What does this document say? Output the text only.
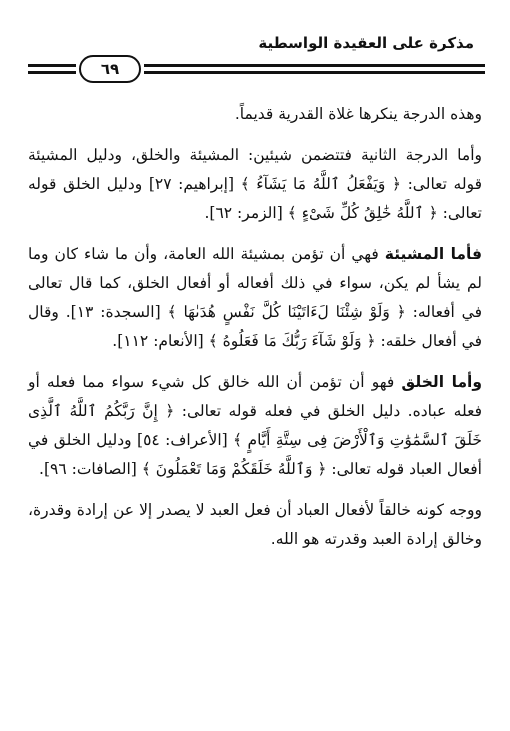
مذكرة على العقيدة الواسطية
٦٩

وهذه الدرجة ينكرها غلاة القدرية قديماً.

وأما الدرجة الثانية فتتضمن شيئين: المشيئة والخلق، ودليل المشيئة قوله تعالى: ﴿ وَيَفْعَلُ ٱللَّهُ مَا يَشَآءُ ﴾ [إبراهيم: ٢٧] ودليل الخلق قوله تعالى: ﴿ ٱللَّهُ خَٰلِقُ كُلِّ شَىْءٍ ﴾ [الزمر: ٦٢].

فأما المشيئة فهي أن تؤمن بمشيئة الله العامة، وأن ما شاء كان وما لم يشأ لم يكن، سواء في ذلك أفعاله أو أفعال الخلق، كما قال تعالى في أفعاله: ﴿ وَلَوْ شِئْنَا لَءَاتَيْنَا كُلَّ نَفْسٍ هُدَىٰهَا ﴾ [السجدة: ١٣]. وقال في أفعال خلقه: ﴿ وَلَوْ شَآءَ رَبُّكَ مَا فَعَلُوهُ ﴾ [الأنعام: ١١٢].

وأما الخلق فهو أن تؤمن أن الله خالق كل شيء سواء مما فعله أو فعله عباده. دليل الخلق في فعله قوله تعالى: ﴿ إِنَّ رَبَّكُمُ ٱللَّهُ ٱلَّذِى خَلَقَ ٱلسَّمَٰوَٰتِ وَٱلْأَرْضَ فِى سِتَّةِ أَيَّامٍ ﴾ [الأعراف: ٥٤] ودليل الخلق في أفعال العباد قوله تعالى: ﴿ وَٱللَّهُ خَلَقَكُمْ وَمَا تَعْمَلُونَ ﴾ [الصافات: ٩٦].

ووجه كونه خالقاً لأفعال العباد أن فعل العبد لا يصدر إلا عن إرادة وقدرة، وخالق إرادة العبد وقدرته هو الله.
